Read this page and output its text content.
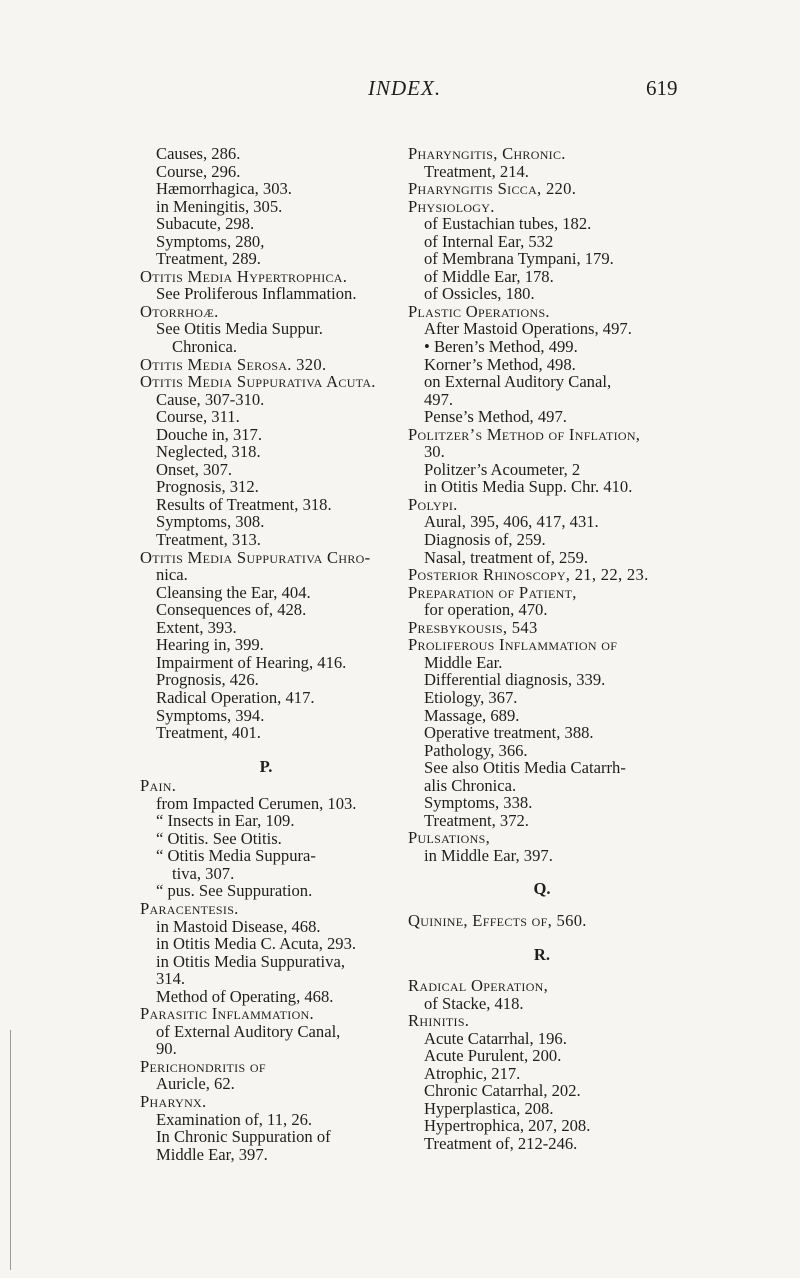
INDEX.	619
Causes, 286.
Course, 296.
Hæmorrhagica, 303.
in Meningitis, 305.
Subacute, 298.
Symptoms, 280,
Treatment, 289.
Otitis Media Hypertrophica.
See Proliferous Inflammation.
Otorrhoæ.
See Otitis Media Suppur.
Chronica.
Otitis Media Serosa. 320.
Otitis Media Suppurativa Acuta.
Cause, 307-310.
Course, 311.
Douche in, 317.
Neglected, 318.
Onset, 307.
Prognosis, 312.
Results of Treatment, 318.
Symptoms, 308.
Treatment, 313.
Otitis Media Suppurativa Chro-
nica.
Cleansing the Ear, 404.
Consequences of, 428.
Extent, 393.
Hearing in, 399.
Impairment of Hearing, 416.
Prognosis, 426.
Radical Operation, 417.
Symptoms, 394.
Treatment, 401.
P.
Pain.
from Impacted Cerumen, 103.
“ Insects in Ear, 109.
“ Otitis. See Otitis.
“ Otitis Media Suppura-
tiva, 307.
“ pus. See Suppuration.
Paracentesis.
in Mastoid Disease, 468.
in Otitis Media C. Acuta, 293.
in Otitis Media Suppurativa,
314.
Method of Operating, 468.
Parasitic Inflammation.
of External Auditory Canal,
90.
Perichondritis of
Auricle, 62.
Pharynx.
Examination of, 11, 26.
In Chronic Suppuration of
Middle Ear, 397.
Pharyngitis, Chronic.
Treatment, 214.
Pharyngitis Sicca, 220.
Physiology.
of Eustachian tubes, 182.
of Internal Ear, 532
of Membrana Tympani, 179.
of Middle Ear, 178.
of Ossicles, 180.
Plastic Operations.
After Mastoid Operations, 497.
• Beren’s Method, 499.
Korner’s Method, 498.
on External Auditory Canal,
497.
Pense’s Method, 497.
Politzer’s Method of Inflation,
30.
Politzer’s Acoumeter, 2
in Otitis Media Supp. Chr. 410.
Polypi.
Aural, 395, 406, 417, 431.
Diagnosis of, 259.
Nasal, treatment of, 259.
Posterior Rhinoscopy, 21, 22, 23.
Preparation of Patient,
for operation, 470.
Presbykousis, 543
Proliferous Inflammation of
Middle Ear.
Differential diagnosis, 339.
Etiology, 367.
Massage, 689.
Operative treatment, 388.
Pathology, 366.
See also Otitis Media Catarrh-
alis Chronica.
Symptoms, 338.
Treatment, 372.
Pulsations,
in Middle Ear, 397.
Q.
Quinine, Effects of, 560.
R.
Radical Operation,
of Stacke, 418.
Rhinitis.
Acute Catarrhal, 196.
Acute Purulent, 200.
Atrophic, 217.
Chronic Catarrhal, 202.
Hyperplastica, 208.
Hypertrophica, 207, 208.
Treatment of, 212-246.
